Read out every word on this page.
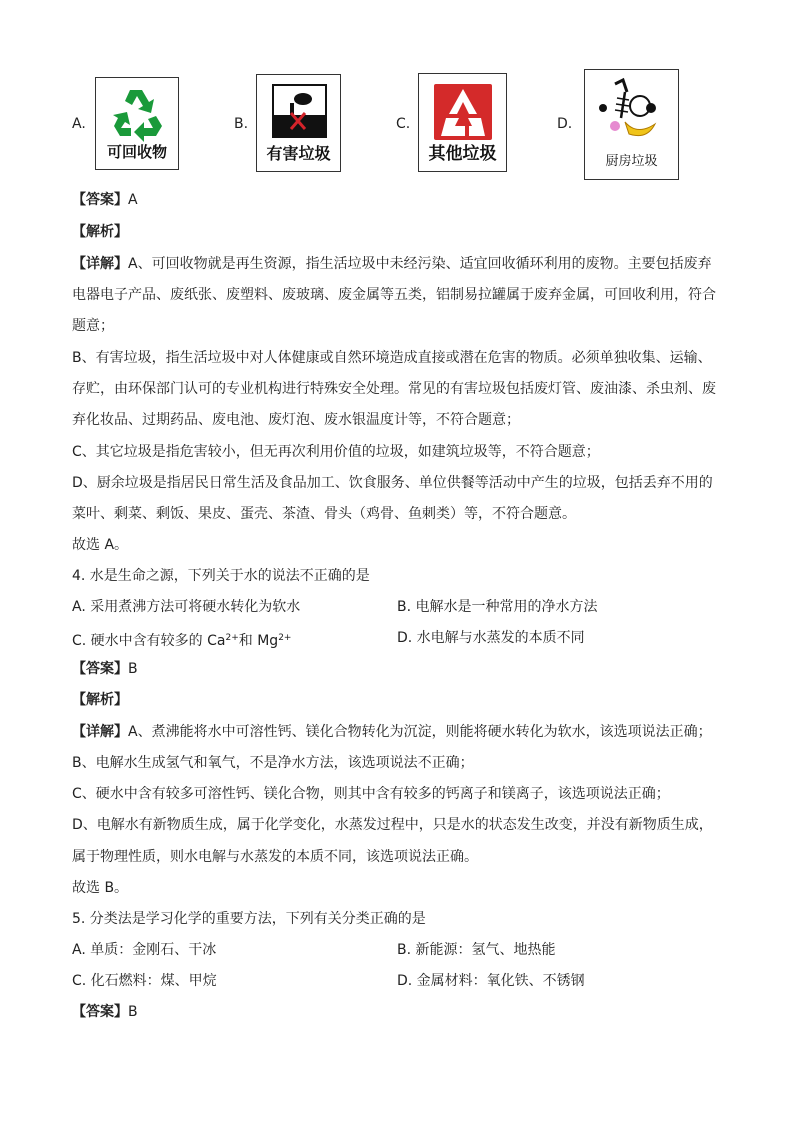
A.
可回收物
B.
有害垃圾
C.
其他垃圾
D.
厨房垃圾
【答案】A
【解析】
【详解】A、可回收物就是再生资源，指生活垃圾中未经污染、适宜回收循环利用的废物。主要包括废弃
电器电子产品、废纸张、废塑料、废玻璃、废金属等五类，铝制易拉罐属于废弃金属，可回收利用，符合
题意；
B、有害垃圾，指生活垃圾中对人体健康或自然环境造成直接或潜在危害的物质。必须单独收集、运输、
存贮，由环保部门认可的专业机构进行特殊安全处理。常见的有害垃圾包括废灯管、废油漆、杀虫剂、废
弃化妆品、过期药品、废电池、废灯泡、废水银温度计等，不符合题意；
C、其它垃圾是指危害较小，但无再次利用价值的垃圾，如建筑垃圾等，不符合题意；
D、厨余垃圾是指居民日常生活及食品加工、饮食服务、单位供餐等活动中产生的垃圾，包括丢弃不用的
菜叶、剩菜、剩饭、果皮、蛋壳、茶渣、骨头（鸡骨、鱼刺类）等，不符合题意。
故选 A。
4. 水是生命之源，下列关于水的说法不正确的是
A. 采用煮沸方法可将硬水转化为软水	B. 电解水是一种常用的净水方法
C. 硬水中含有较多的 $Ca^{2+}$和 $Mg^{2+}$	D. 水电解与水蒸发的本质不同
【答案】B
【解析】
【详解】A、煮沸能将水中可溶性钙、镁化合物转化为沉淀，则能将硬水转化为软水，该选项说法正确；
B、电解水生成氢气和氧气，不是净水方法，该选项说法不正确；
C、硬水中含有较多可溶性钙、镁化合物，则其中含有较多的钙离子和镁离子，该选项说法正确；
D、电解水有新物质生成，属于化学变化，水蒸发过程中，只是水的状态发生改变，并没有新物质生成，
属于物理性质，则水电解与水蒸发的本质不同，该选项说法正确。
故选 B。
5. 分类法是学习化学的重要方法，下列有关分类正确的是
A. 单质：金刚石、干冰	B. 新能源：氢气、地热能
C. 化石燃料：煤、甲烷	D. 金属材料：氧化铁、不锈钢
【答案】B
